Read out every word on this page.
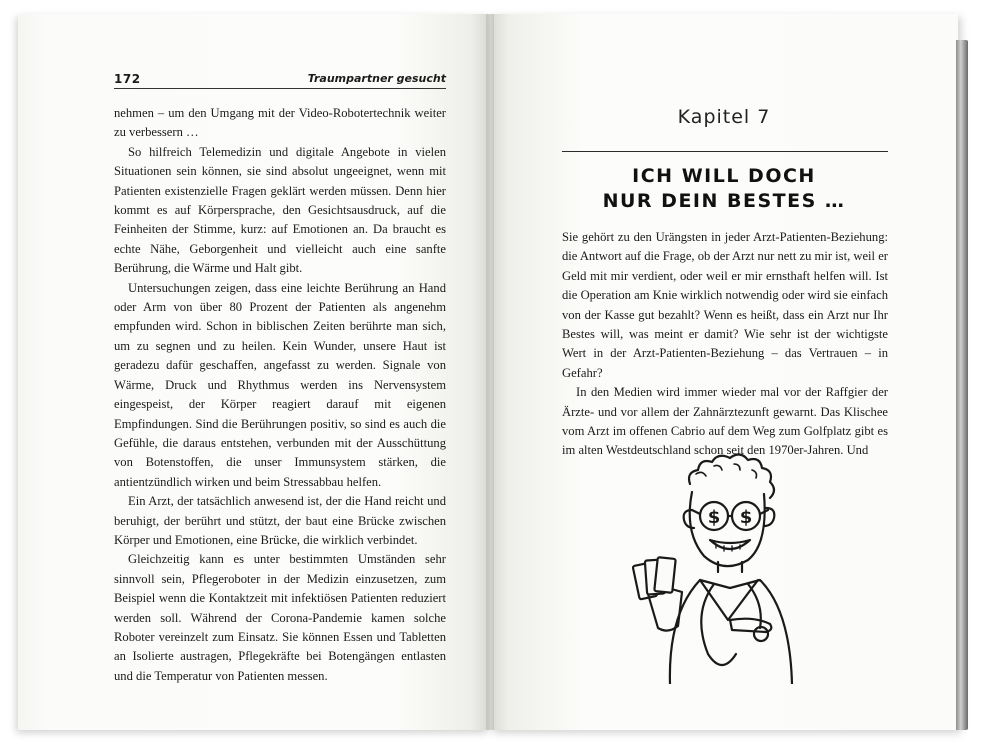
172	Traumpartner gesucht

nehmen – um den Umgang mit der Video-Robotertechnik weiter zu verbessern …

So hilfreich Telemedizin und digitale Angebote in vielen Situationen sein können, sie sind absolut ungeeignet, wenn mit Patienten existenzielle Fragen geklärt werden müssen. Denn hier kommt es auf Körpersprache, den Gesichtsausdruck, auf die Feinheiten der Stimme, kurz: auf Emotionen an. Da braucht es echte Nähe, Geborgenheit und vielleicht auch eine sanfte Berührung, die Wärme und Halt gibt.

Untersuchungen zeigen, dass eine leichte Berührung an Hand oder Arm von über 80 Prozent der Patienten als angenehm empfunden wird. Schon in biblischen Zeiten berührte man sich, um zu segnen und zu heilen. Kein Wunder, unsere Haut ist geradezu dafür geschaffen, angefasst zu werden. Signale von Wärme, Druck und Rhythmus werden ins Nervensystem eingespeist, der Körper reagiert darauf mit eigenen Empfindungen. Sind die Berührungen positiv, so sind es auch die Gefühle, die daraus entstehen, verbunden mit der Ausschüttung von Botenstoffen, die unser Immunsystem stärken, die antientzündlich wirken und beim Stressabbau helfen.

Ein Arzt, der tatsächlich anwesend ist, der die Hand reicht und beruhigt, der berührt und stützt, der baut eine Brücke zwischen Körper und Emotionen, eine Brücke, die wirklich verbindet.

Gleichzeitig kann es unter bestimmten Umständen sehr sinnvoll sein, Pflegeroboter in der Medizin einzusetzen, zum Beispiel wenn die Kontaktzeit mit infektiösen Patienten reduziert werden soll. Während der Corona-Pandemie kamen solche Roboter vereinzelt zum Einsatz. Sie können Essen und Tabletten an Isolierte austragen, Pflegekräfte bei Botengängen entlasten und die Temperatur von Patienten messen.

Kapitel 7
ICH WILL DOCH
NUR DEIN BESTES …

Sie gehört zu den Urängsten in jeder Arzt-Patienten-Beziehung: die Antwort auf die Frage, ob der Arzt nur nett zu mir ist, weil er Geld mit mir verdient, oder weil er mir ernsthaft helfen will. Ist die Operation am Knie wirklich notwendig oder wird sie einfach von der Kasse gut bezahlt? Wenn es heißt, dass ein Arzt nur Ihr Bestes will, was meint er damit? Wie sehr ist der wichtigste Wert in der Arzt-Patienten-Beziehung – das Vertrauen – in Gefahr?

In den Medien wird immer wieder mal vor der Raffgier der Ärzte- und vor allem der Zahnärztezunft gewarnt. Das Klischee vom Arzt im offenen Cabrio auf dem Weg zum Golfplatz gibt es im alten Westdeutschland schon seit den 1970er-Jahren. Und

$ $
